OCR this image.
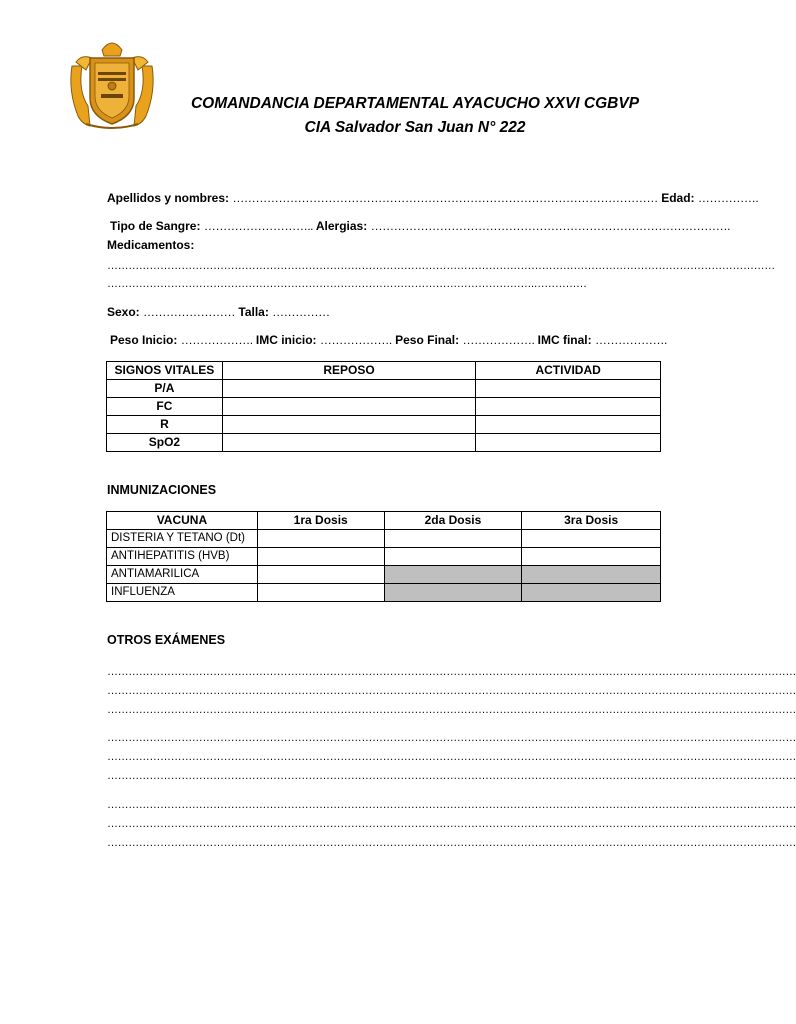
COMANDANCIA DEPARTAMENTAL AYACUCHO XXVI CGBVP
CIA Salvador San Juan N° 222
Apellidos y nombres: ………………………………………………………………………………………………… Edad: …………….
Tipo de Sangre: ……………………….. Alergias: ………………………………………………………………………………….
Medicamentos:
………………………………………………………………………………………………………………………………………………………………………
………………………………………………………………………………………………………….……………
Sexo: …………………… Talla: ……………
Peso Inicio: ………………. IMC inicio: ………………. Peso Final: ………………. IMC final: ……………….
SIGNOS VITALES	REPOSO	ACTIVIDAD
P/A		
FC		
R		
SpO2		
INMUNIZACIONES
VACUNA	1ra Dosis	2da Dosis	3ra Dosis
DISTERIA Y TETANO (Dt)			
ANTIHEPATITIS (HVB)			
ANTIAMARILICA			
INFLUENZA			
OTROS EXÁMENES
……………………………………………………………………………………………………………………………………………………………………………
……………………………………………………………………………………………………………………………………………………………………………
……………………………………………………………………………………………………………………………………………………………………………
……………………………………………………………………………………………………………………………………………………………………………
……………………………………………………………………………………………………………………………………………………………………………
……………………………………………………………………………………………………………………………………………………………………………
……………………………………………………………………………………………………………………………………………………………………………
……………………………………………………………………………………………………………………………………………………………………………
……………………………………………………………………………………………………………………………………………………………………………
